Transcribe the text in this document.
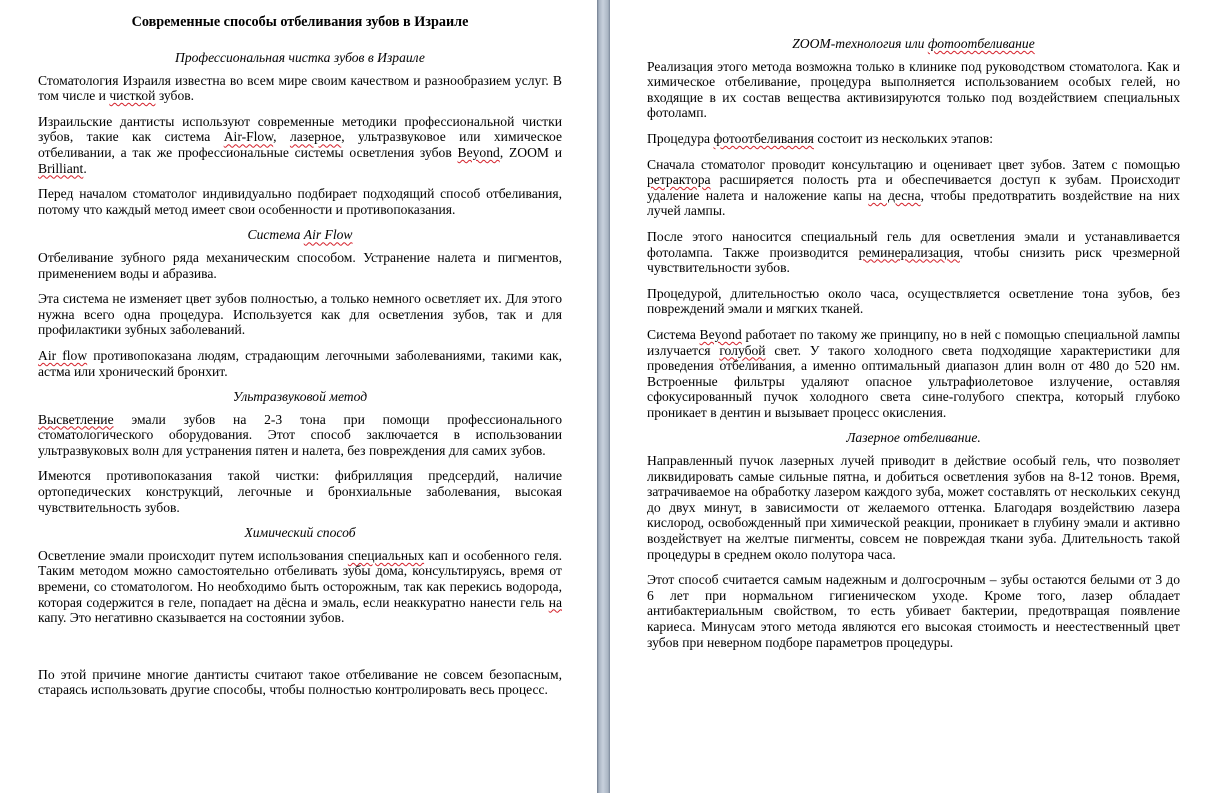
Современные способы отбеливания зубов в Израиле
Профессиональная чистка зубов в Израиле

Стоматология Израиля известна во всем мире своим качеством и разнообразием услуг. В том числе и чисткой зубов.

Израильские дантисты используют современные методики профессиональной чистки зубов, такие как система Air-Flow, лазерное, ультразвуковое или химическое отбеливании, а так же профессиональные системы осветления зубов Beyond, ZOOM и Brilliant.

Перед началом стоматолог индивидуально подбирает подходящий способ отбеливания, потому что каждый метод имеет свои особенности и противопоказания.

Система Air Flow

Отбеливание зубного ряда механическим способом. Устранение налета и пигментов, применением воды и абразива.

Эта система не изменяет цвет зубов полностью, а только немного осветляет их. Для этого нужна всего одна процедура. Используется как для осветления зубов, так и для профилактики зубных заболеваний.

Air flow противопоказана людям, страдающим легочными заболеваниями, такими как, астма или хронический бронхит.

Ультразвуковой метод

Высветление эмали зубов на 2-3 тона при помощи профессионального стоматологического оборудования. Этот способ заключается в использовании ультразвуковых волн для устранения пятен и налета, без повреждения для самих зубов.

Имеются противопоказания такой чистки: фибрилляция предсердий, наличие ортопедических конструкций, легочные и бронхиальные заболевания, высокая чувствительность зубов.

Химический способ

Осветление эмали происходит путем использования специальных кап и особенного геля. Таким методом можно самостоятельно отбеливать зубы дома, консультируясь, время от времени, со стоматологом. Но необходимо быть осторожным, так как перекись водорода, которая содержится в геле, попадает на дёсна и эмаль, если неаккуратно нанести гель на капу. Это негативно сказывается на состоянии зубов.

По этой причине многие дантисты считают такое отбеливание не совсем безопасным, стараясь использовать другие способы, чтобы полностью контролировать весь процесс.

ZOOM-технология или фотоотбеливание

Реализация этого метода возможна только в клинике под руководством стоматолога. Как и химическое отбеливание, процедура выполняется использованием особых гелей, но входящие в их состав вещества активизируются только под воздействием специальных фотоламп.

Процедура фотоотбеливания состоит из нескольких этапов:

Сначала стоматолог проводит консультацию и оценивает цвет зубов. Затем с помощью ретрактора расширяется полость рта и обеспечивается доступ к зубам. Происходит удаление налета и наложение капы на десна, чтобы предотвратить воздействие на них лучей лампы.

После этого наносится специальный гель для осветления эмали и устанавливается фотолампа. Также производится реминерализация, чтобы снизить риск чрезмерной чувствительности зубов.

Процедурой, длительностью около часа, осуществляется осветление тона зубов, без повреждений эмали и мягких тканей.

Система Beyond работает по такому же принципу, но в ней с помощью специальной лампы излучается голубой свет. У такого холодного света подходящие характеристики для проведения отбеливания, а именно оптимальный диапазон длин волн от 480 до 520 нм. Встроенные фильтры удаляют опасное ультрафиолетовое излучение, оставляя сфокусированный пучок холодного света сине-голубого спектра, который глубоко проникает в дентин и вызывает процесс окисления.

Лазерное отбеливание.

Направленный пучок лазерных лучей приводит в действие особый гель, что позволяет ликвидировать самые сильные пятна, и добиться осветления зубов на 8-12 тонов. Время, затрачиваемое на обработку лазером каждого зуба, может составлять от нескольких секунд до двух минут, в зависимости от желаемого оттенка. Благодаря воздействию лазера кислород, освобожденный при химической реакции, проникает в глубину эмали и активно воздействует на желтые пигменты, совсем не повреждая ткани зуба. Длительность такой процедуры в среднем около полутора часа.

Этот способ считается самым надежным и долгосрочным – зубы остаются белыми от 3 до 6 лет при нормальном гигиеническом уходе. Кроме того, лазер обладает антибактериальным свойством, то есть убивает бактерии, предотвращая появление кариеса. Минусам этого метода являются его высокая стоимость и неестественный цвет зубов при неверном подборе параметров процедуры.
